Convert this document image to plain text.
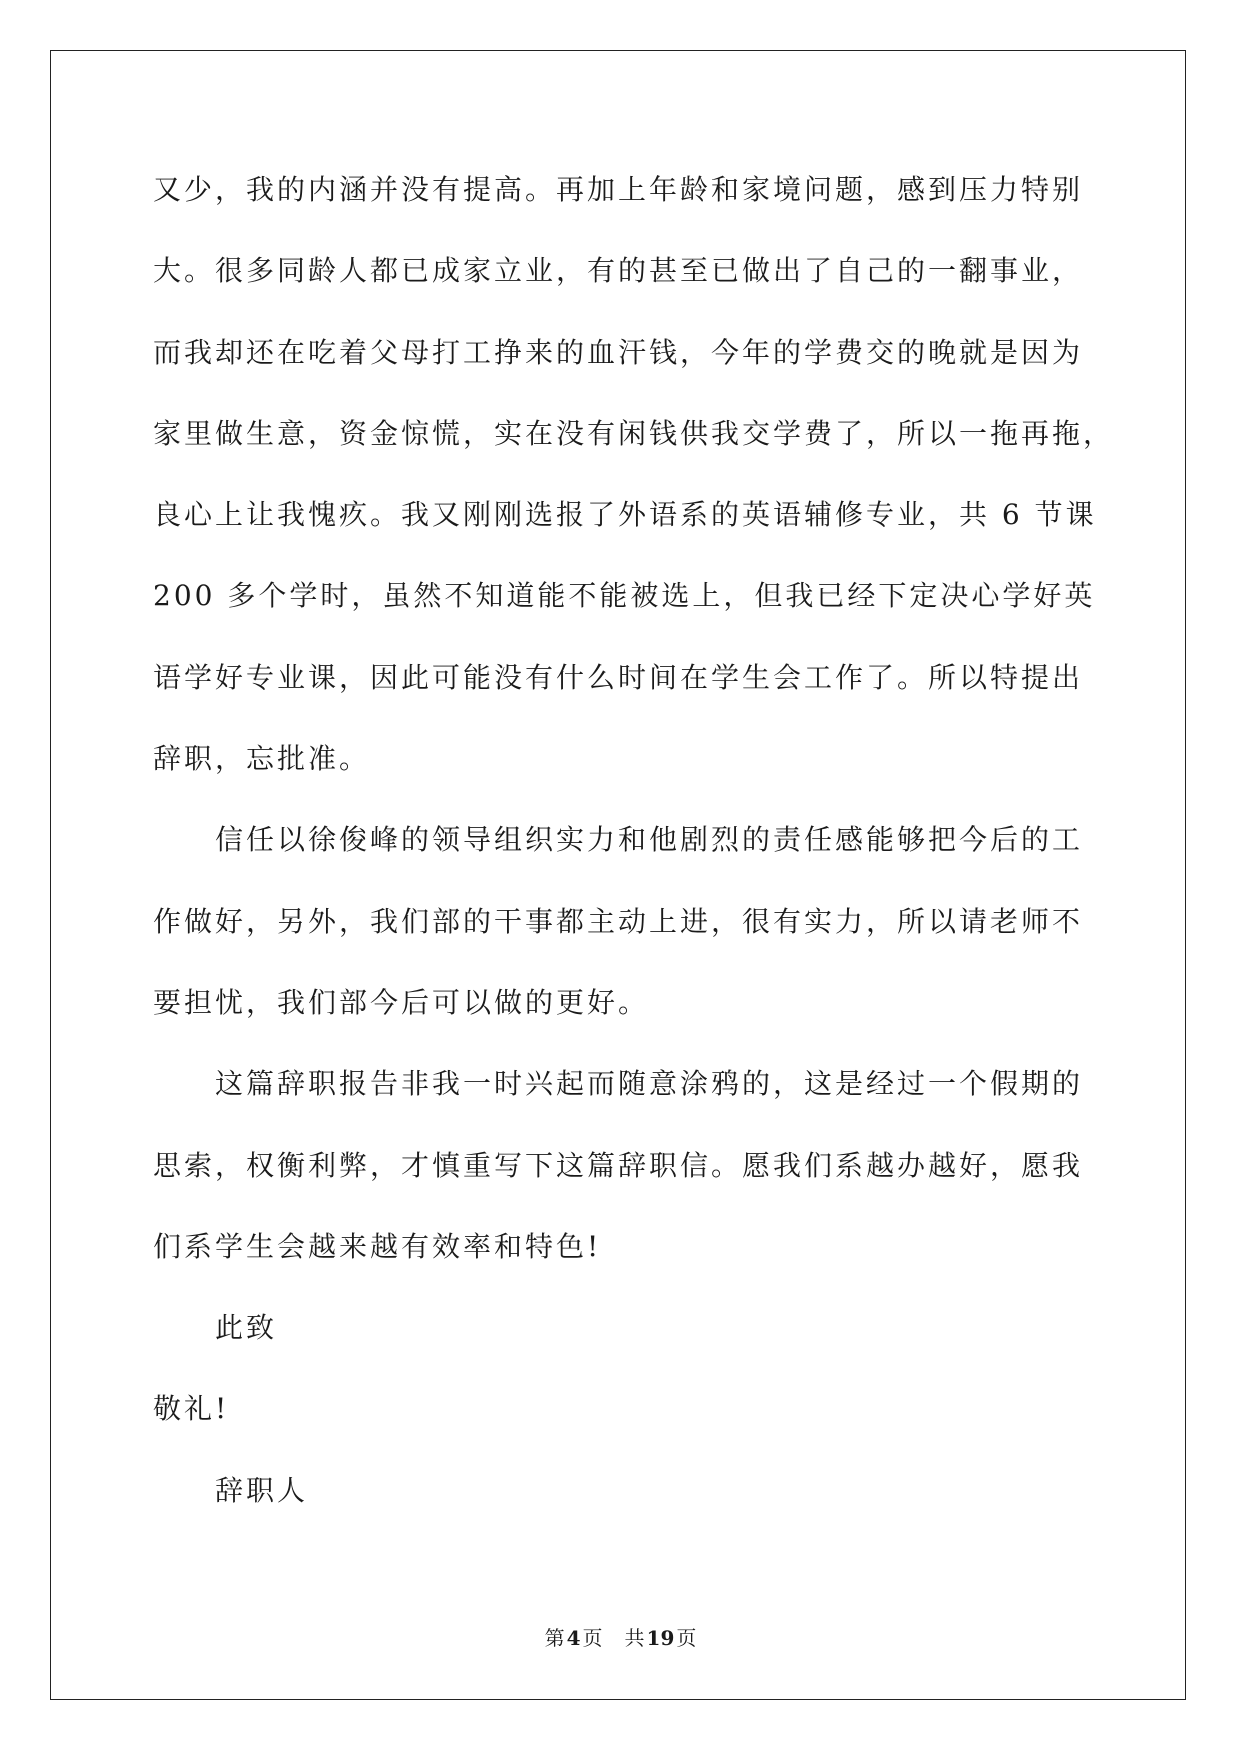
又少，我的内涵并没有提高。再加上年龄和家境问题，感到压力特别
大。很多同龄人都已成家立业，有的甚至已做出了自己的一翻事业，
而我却还在吃着父母打工挣来的血汗钱，今年的学费交的晚就是因为
家里做生意，资金惊慌，实在没有闲钱供我交学费了，所以一拖再拖，
良心上让我愧疚。我又刚刚选报了外语系的英语辅修专业，共 6 节课
200 多个学时，虽然不知道能不能被选上，但我已经下定决心学好英
语学好专业课，因此可能没有什么时间在学生会工作了。所以特提出
辞职，忘批准。
信任以徐俊峰的领导组织实力和他剧烈的责任感能够把今后的工
作做好，另外，我们部的干事都主动上进，很有实力，所以请老师不
要担忧，我们部今后可以做的更好。
这篇辞职报告非我一时兴起而随意涂鸦的，这是经过一个假期的
思索，权衡利弊，才慎重写下这篇辞职信。愿我们系越办越好，愿我
们系学生会越来越有效率和特色!
此致
敬礼!
辞职人
第 4 页 共 19 页
